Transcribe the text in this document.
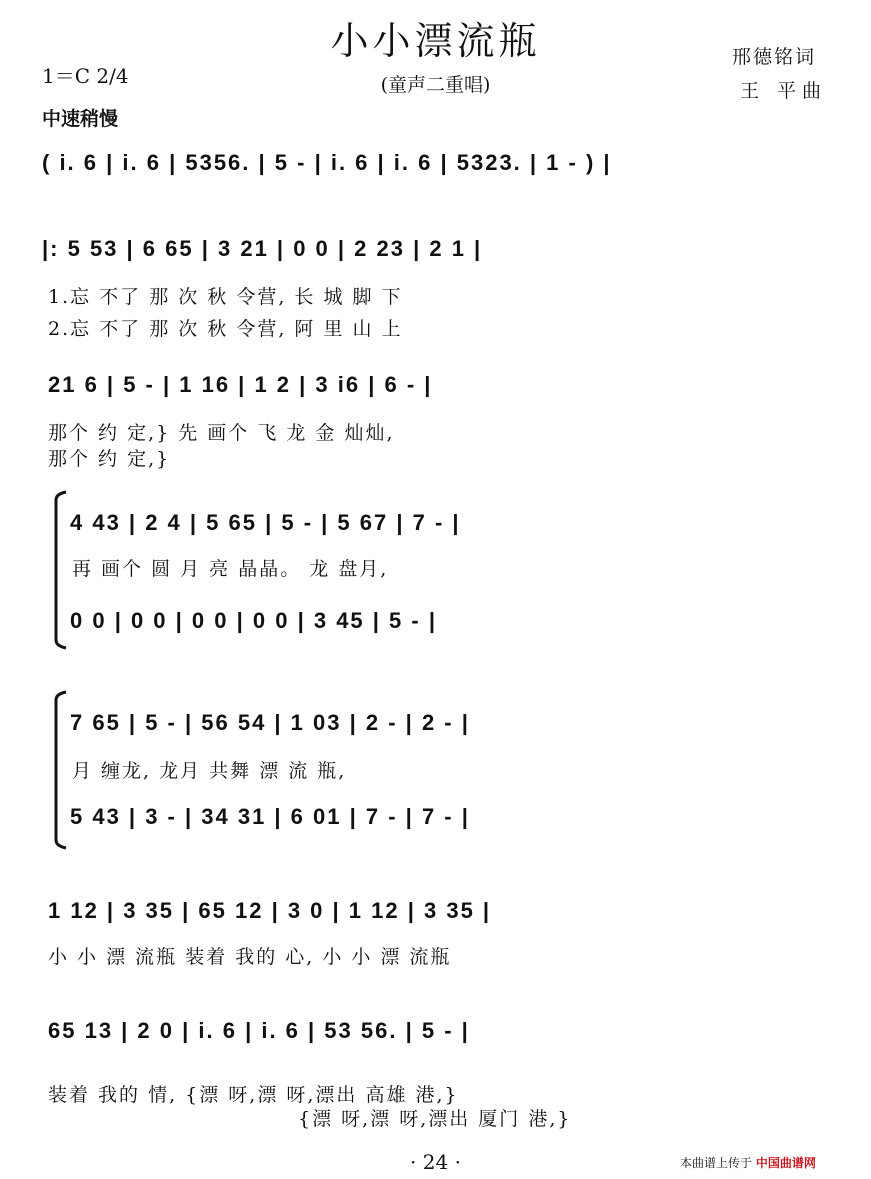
小小漂流瓶
(童声二重唱)
邢德铭词
王 平曲
1＝C 2/4
中速稍慢
( i. 6 | i. 6 | 5356. | 5 - | i. 6 | i. 6 | 5323. | 1 - ) |
|: 5 53 | 6 65 | 3 21 | 0 0 | 2 23 | 2 1 |
1.忘 不了 那 次 秋 令营, 长 城 脚 下
2.忘 不了 那 次 秋 令营, 阿 里 山 上
21 6 | 5 - | 1 16 | 1 2 | 3 i6 | 6 - |
那个 约 定,} 先 画个 飞 龙 金 灿灿,
那个 约 定,}
4 43 | 2 4 | 5 65 | 5 - | 5 67 | 7 - |
再 画个 圆 月 亮 晶晶。 龙 盘月,
0 0 | 0 0 | 0 0 | 0 0 | 3 45 | 5 - |
7 65 | 5 - | 56 54 | 1 03 | 2 - | 2 - |
月 缠龙, 龙月 共舞 漂 流 瓶,
5 43 | 3 - | 34 31 | 6 01 | 7 - | 7 - |
1 12 | 3 35 | 65 12 | 3 0 | 1 12 | 3 35 |
小 小 漂 流瓶 装着 我的 心, 小 小 漂 流瓶
65 13 | 2 0 | i. 6 | i. 6 | 53 56. | 5 - |
装着 我的 情, {漂 呀,漂 呀,漂出 高雄 港,}
{漂 呀,漂 呀,漂出 厦门 港,}
· 24 ·	本曲谱上传于 中国曲谱网
